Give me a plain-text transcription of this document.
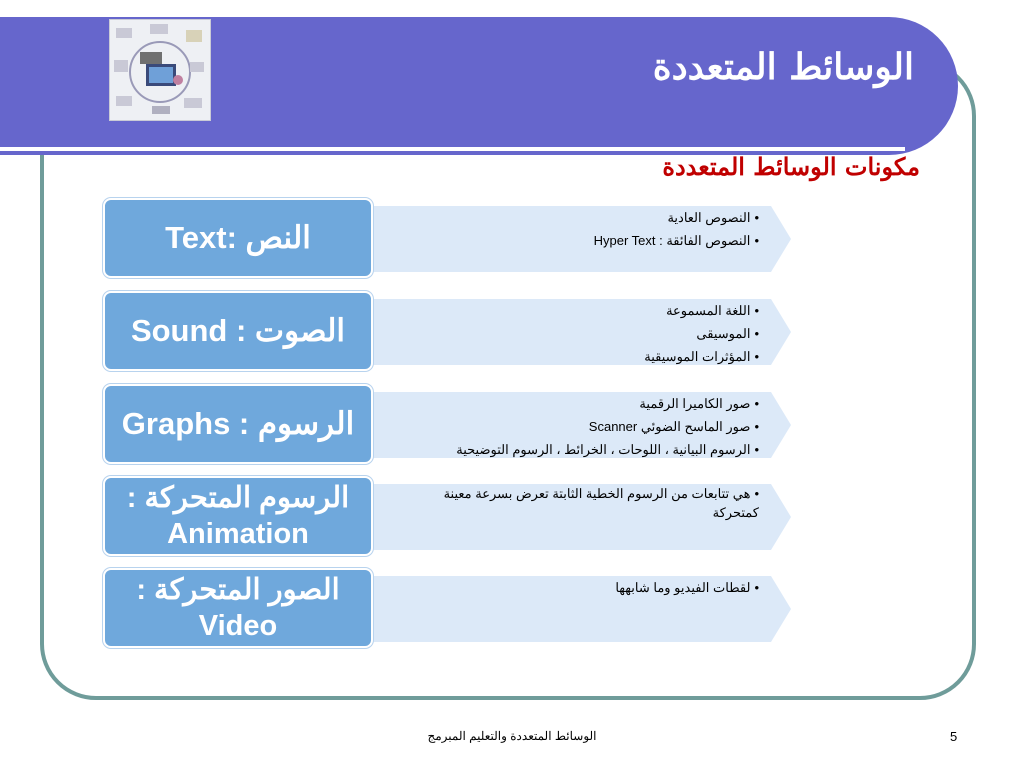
الوسائط المتعددة
مكونات الوسائط المتعددة
• النصوص العادية
• النصوص الفائقة : Hyper Text
النص :Text
• اللغة المسموعة
• الموسيقى
• المؤثرات الموسيقية
الصوت : Sound
• صور الكاميرا الرقمية
• صور الماسح الضوئي Scanner
• الرسوم البيانية ، اللوحات ، الخرائط ، الرسوم التوضيحية
الرسوم : Graphs
• هي تتابعات من الرسوم الخطية الثابتة تعرض بسرعة معينة كمتحركة
الرسوم المتحركة : Animation
• لقطات الفيديو وما شابهها
الصور المتحركة : Video
الوسائط المتعددة والتعليم المبرمج	5
